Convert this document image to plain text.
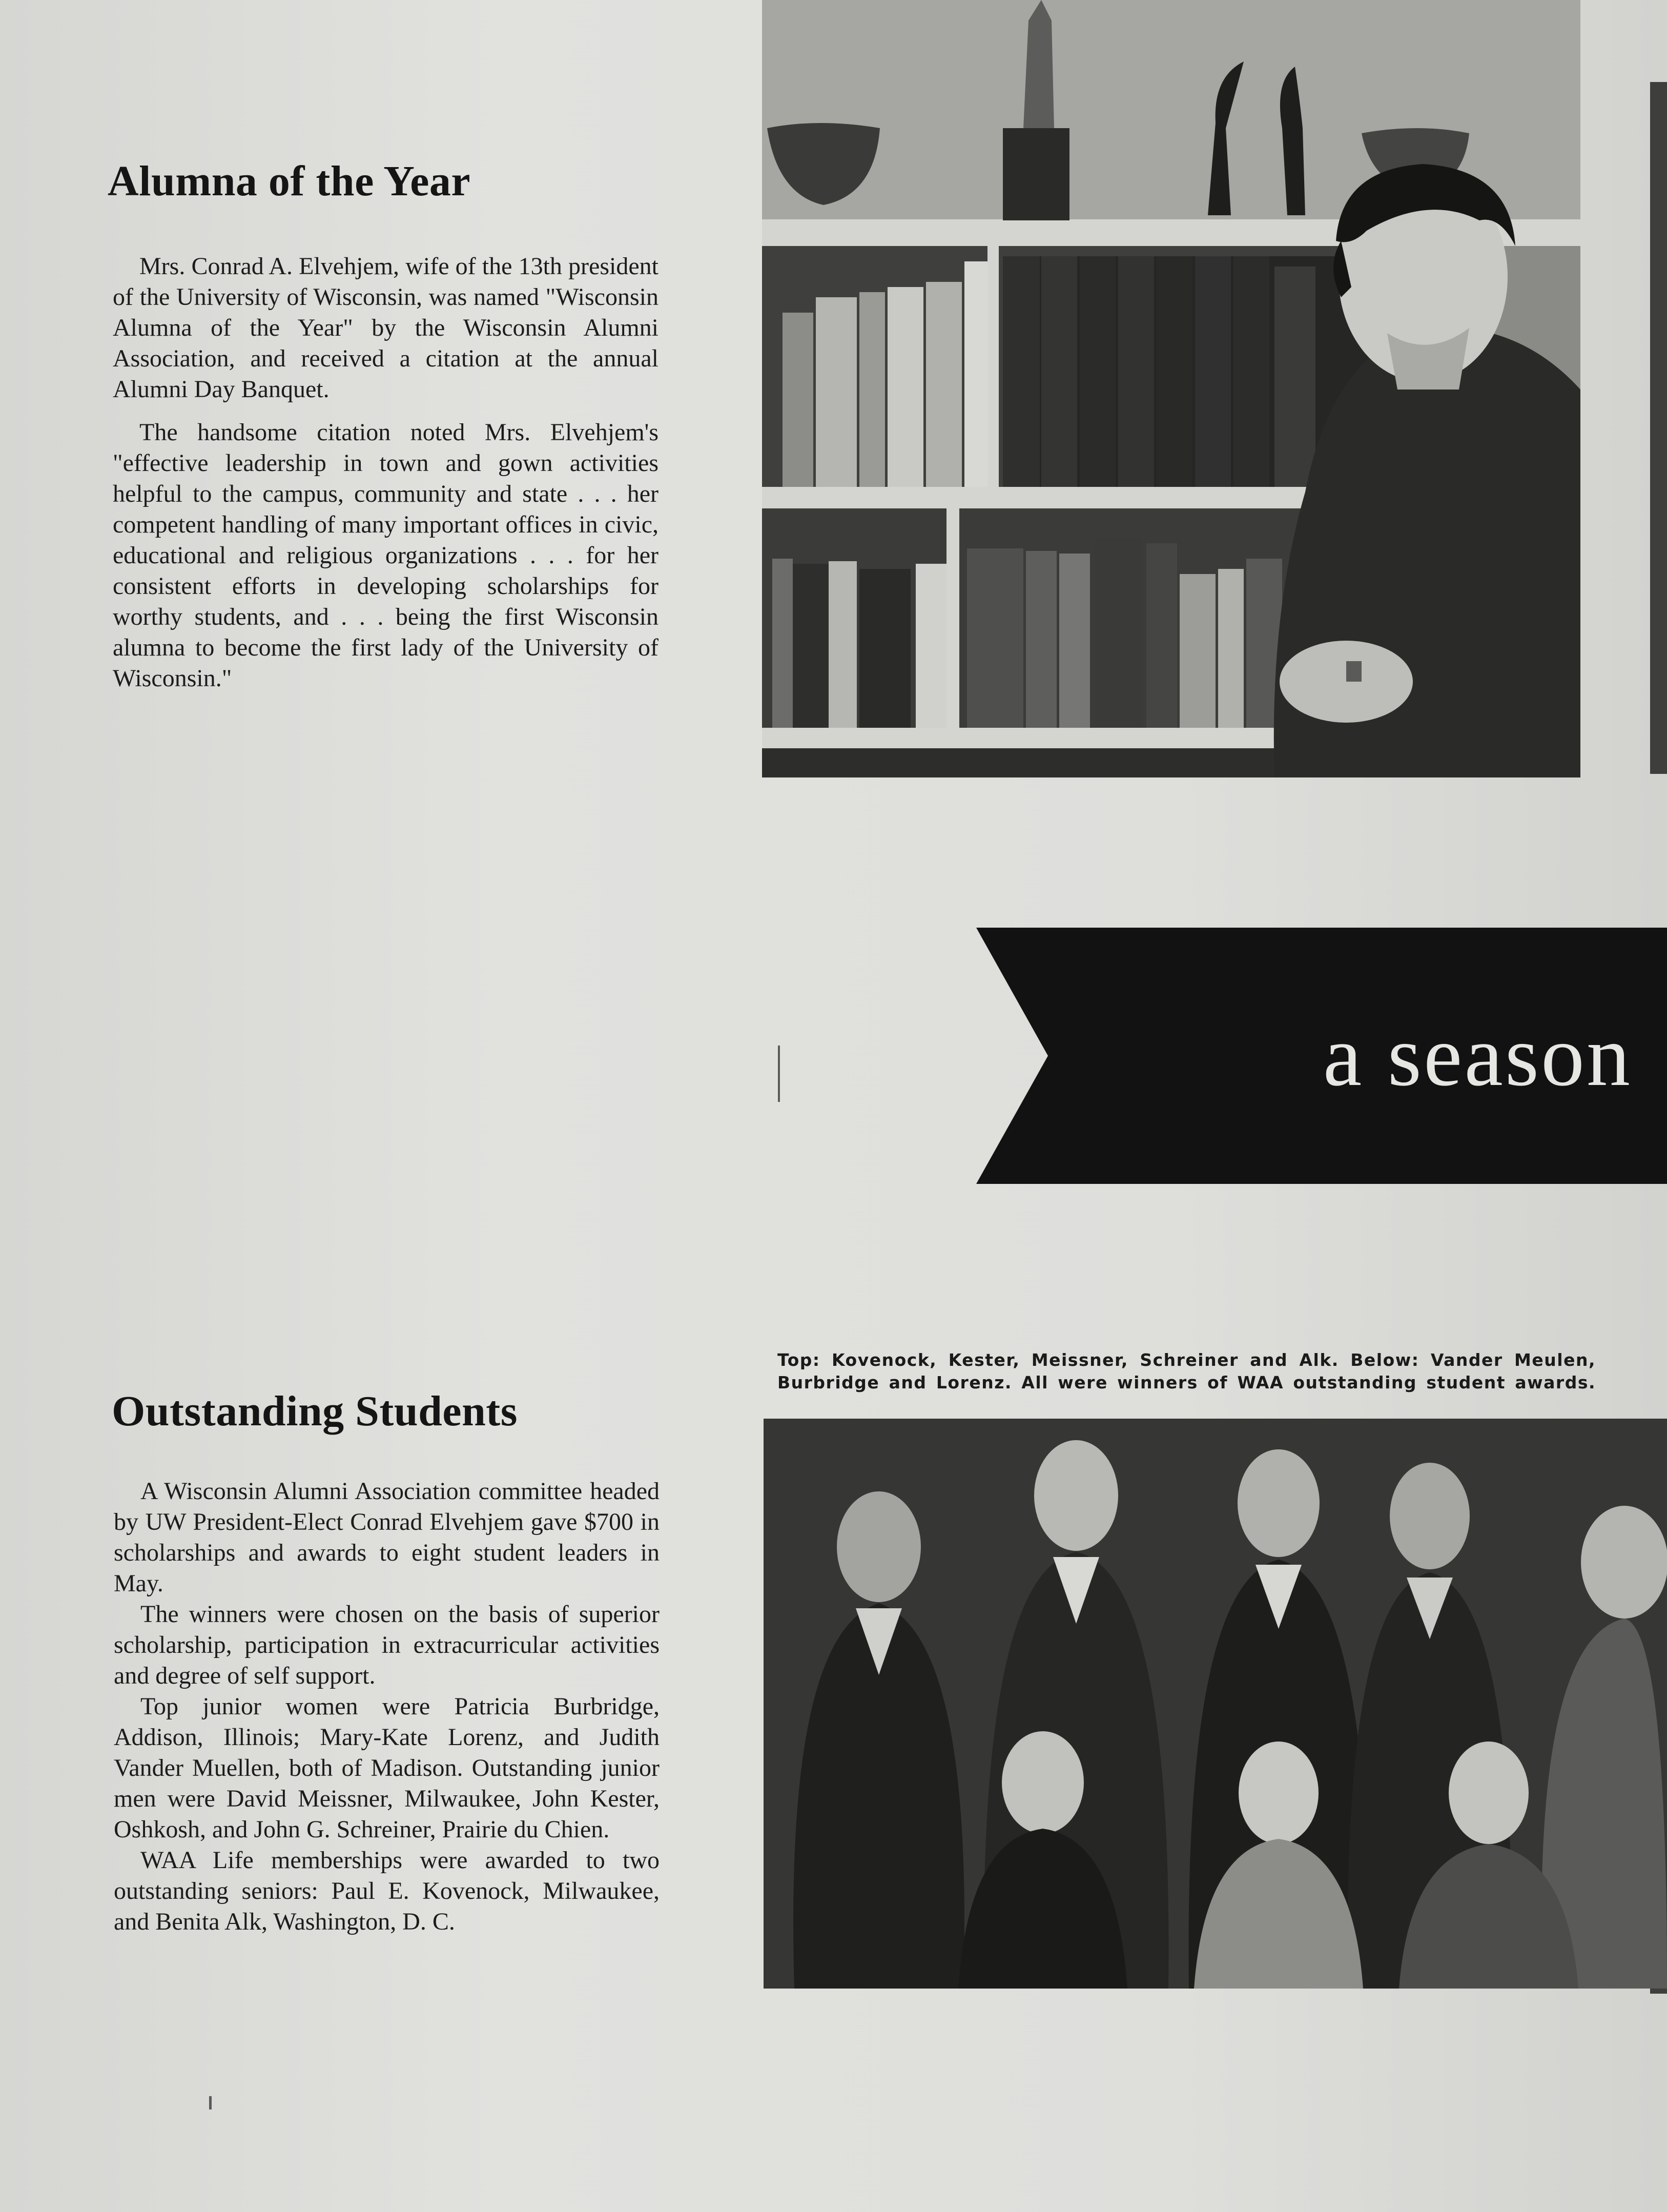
Alumna of the Year

Mrs. Conrad A. Elvehjem, wife of the 13th president of the University of Wisconsin, was named "Wisconsin Alumna of the Year" by the Wisconsin Alumni Association, and received a citation at the annual Alumni Day Banquet.

The handsome citation noted Mrs. Elvehjem's "effective leadership in town and gown activities helpful to the campus, community and state . . . her competent handling of many important offices in civic, educational and religious organizations . . . for her consistent efforts in developing scholarships for worthy students, and . . . being the first Wisconsin alumna to become the first lady of the University of Wisconsin."

a season
Outstanding Students

Top: Kovenock, Kester, Meissner, Schreiner and Alk. Below: Vander Meulen, Burbridge and Lorenz. All were winners of WAA outstanding student awards.

A Wisconsin Alumni Association committee headed by UW President-Elect Conrad Elvehjem gave $700 in scholarships and awards to eight student leaders in May.

The winners were chosen on the basis of superior scholarship, participation in extracurricular activities and degree of self support.

Top junior women were Patricia Burbridge, Addison, Illinois; Mary-Kate Lorenz, and Judith Vander Muellen, both of Madison. Outstanding junior men were David Meissner, Milwaukee, John Kester, Oshkosh, and John G. Schreiner, Prairie du Chien.

WAA Life memberships were awarded to two outstanding seniors: Paul E. Kovenock, Milwaukee, and Benita Alk, Washington, D. C.
